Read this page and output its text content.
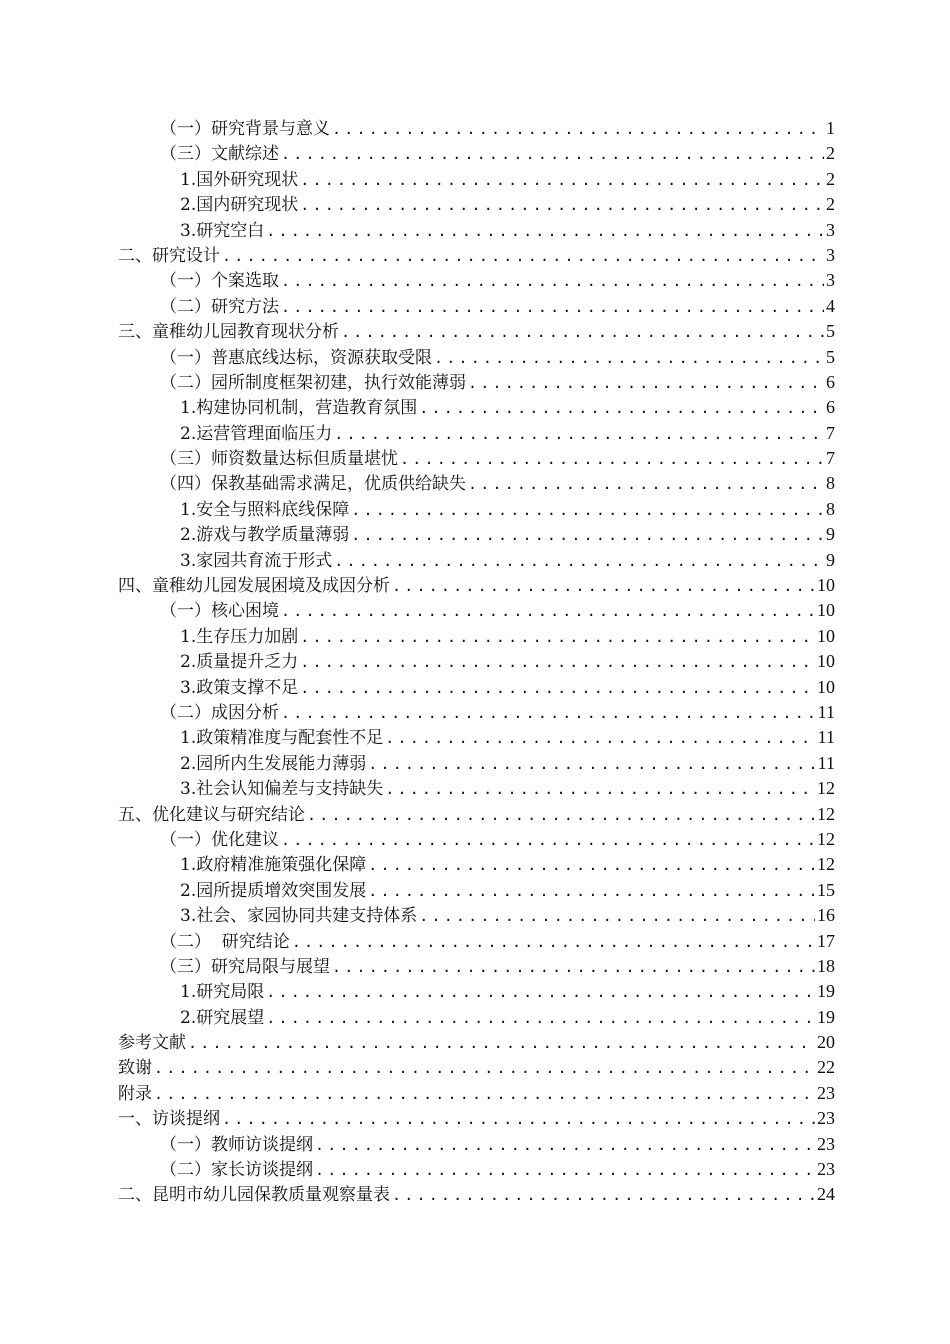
（一）研究背景与意义 .....	1
（三）文献综述 .....	2
1.国外研究现状 .....	2
2.国内研究现状 .....	2
3.研究空白 .....	3
二、研究设计 .....	3
（一）个案选取 .....	3
（二）研究方法 .....	4
三、童稚幼儿园教育现状分析 .....	5
（一）普惠底线达标，资源获取受限 .....	5
（二）园所制度框架初建，执行效能薄弱 .....	6
1.构建协同机制，营造教育氛围 .....	6
2.运营管理面临压力 .....	7
（三）师资数量达标但质量堪忧 .....	7
（四）保教基础需求满足，优质供给缺失 .....	8
1.安全与照料底线保障 .....	8
2.游戏与教学质量薄弱 .....	9
3.家园共育流于形式 .....	9
四、童稚幼儿园发展困境及成因分析 .....	10
（一）核心困境 .....	10
1.生存压力加剧 .....	10
2.质量提升乏力 .....	10
3.政策支撑不足 .....	10
（二）成因分析 .....	11
1.政策精准度与配套性不足 .....	11
2.园所内生发展能力薄弱 .....	11
3.社会认知偏差与支持缺失 .....	12
五、优化建议与研究结论 .....	12
（一）优化建议 .....	12
1.政府精准施策强化保障 .....	12
2.园所提质增效突围发展 .....	15
3.社会、家园协同共建支持体系 .....	16
（二）  研究结论 .....	17
（三）研究局限与展望 .....	18
1.研究局限 .....	19
2.研究展望 .....	19
参考文献 .....	20
致谢 .....	22
附录 .....	23
一、访谈提纲 .....	23
（一）教师访谈提纲 .....	23
（二）家长访谈提纲 .....	23
二、昆明市幼儿园保教质量观察量表 .....	24
